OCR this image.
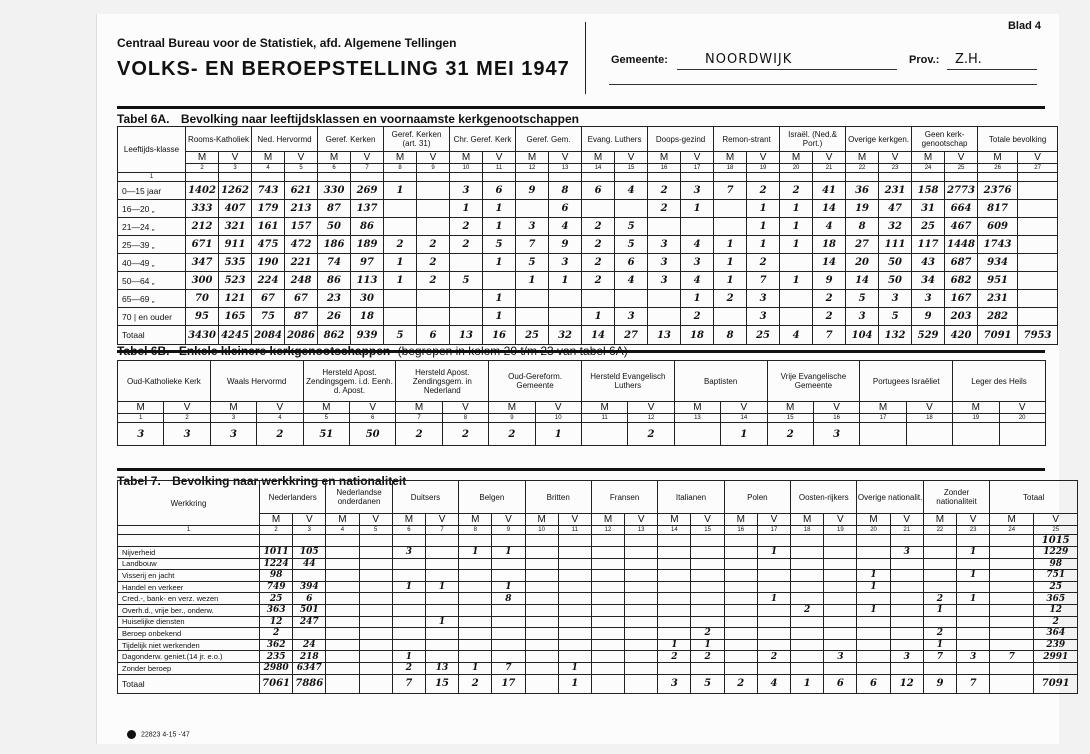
Blad 4
Centraal Bureau voor de Statistiek, afd. Algemene Tellingen
VOLKS- EN BEROEPSTELLING 31 MEI 1947	Gemeente:	NOORDWIJK	Prov.: Z.H.
Tabel 6A. Bevolking naar leeftijdsklassen en voornaamste kerkgenootschappen
Leeftijds-klasse	Rooms-Katholiek		Ned. Hervormd		Geref. Kerken		Geref. Kerken (art. 31)		Chr. Geref. Kerk		Geref. Gem.		Evang. Luthers		Doops-gezind		Remon-strant		Israël. (Ned.& Port.)		Overige kerkgen.		Geen kerk-genootschap		Totale bevolking	
	M	V	M	V	M	V	M	V	M	V	M	V	M	V	M	V	M	V	M	V	M	V	M	V	M	V
	2	3	4	5	6	7	8	9	10	11	12	13	14	15	16	17	18	19	20	21	22	23	24	25	26	27
1																										
0—15 jaar	1402	1262	743	621	330	269	1		3	6	9	8	6	4	2	3	7	2	2	41	36	231	158	2773	2376	
16—20 „	333	407	179	213	87	137			1	1		6			2	1		1	1	14	19	47	31	664	817	
21—24 „	212	321	161	157	50	86			2	1	3	4	2	5				1	1	4	8	32	25	467	609	
25—39 „	671	911	475	472	186	189	2	2	2	5	7	9	2	5	3	4	1	1	1	18	27	111	117	1448	1743	
40—49 „	347	535	190	221	74	97	1	2		1	5	3	2	6	3	3	1	2		14	20	50	43	687	934	
50—64 „	300	523	224	248	86	113	1	2	5		1	1	2	4	3	4	1	7	1	9	14	50	34	682	951	
65—69 „	70	121	67	67	23	30				1						1	2	3		2	5	3	3	167	231	
70 | en ouder	95	165	75	87	26	18				1			1	3		2		3		2	3	5	9	203	282	
Totaal	3430	4245	2084	2086	862	939	5	6	13	16	25	32	14	27	13	18	8	25	4	7	104	132	529	420	7091	7953
Tabel 6B. Enkele kleinere kerkgenootschappen (begrepen in kolom 20 t/m 23 van tabel 6A)
Oud-Katholieke Kerk		Waals Hervormd		Hersteld Apost. Zendingsgem. i.d. Eenh. d. Apost.		Hersteld Apost. Zendingsgem. in Nederland		Oud-Gereform. Gemeente		Hersteld Evangelisch Luthers		Baptisten		Vrije Evangelische Gemeente		Portugees Israëliet		Leger des Heils	
M	V	M	V	M	V	M	V	M	V	M	V	M	V	M	V	M	V	M	V
1	2	3	4	5	6	7	8	9	10	11	12	13	14	15	16	17	18	19	20
3	3	3	2	51	50	2	2	2	1		2		1	2	3				
Tabel 7. Bevolking naar werkkring en nationaliteit
Werkkring	Nederlanders		Nederlandse onderdanen		Duitsers		Belgen		Britten		Fransen		Italianen		Polen		Oosten-rijkers		Overige nationalit.		Zonder nationaliteit		Totaal		
	M	V	M	V	M	V	M	V	M	V	M	V	M	V	M	V	M	V	M	V	M	V	M	V	
1	2	3	4	5	6	7	8	9	10	11	12	13	14	15	16	17	18	19	20	21	22	23	24	25	
																								1015	
Nijverheid	1011	105			3		1	1								1				3		1		1229	
Landbouw	1224	44																						98	
Visserij en jacht	98																		1			1		751	
Handel en verkeer	749	394			1	1		1											1					25	
Cred.-, bank- en verz. wezen	25	6						8								1					2	1		365	
Overh.d., vrije ber., onderw.	363	501															2		1		1			12	
Huiselijke diensten	12	247				1																		2	
Beroep onbekend	2													2							2			364	
Tijdelijk niet werkenden	362	24											1	1							1			239	
Dagonderw. geniet.(14 jr. e.o.)	235	218			1								2	2		2		3		3	7	3	7	2991	
Zonder beroep	2980	6347			2	13	1	7		1															
Totaal	7061	7886			7	15	2	17		1			3	5	2	4	1	6	6	12	9	7		7091	
22823 4-15 -'47
